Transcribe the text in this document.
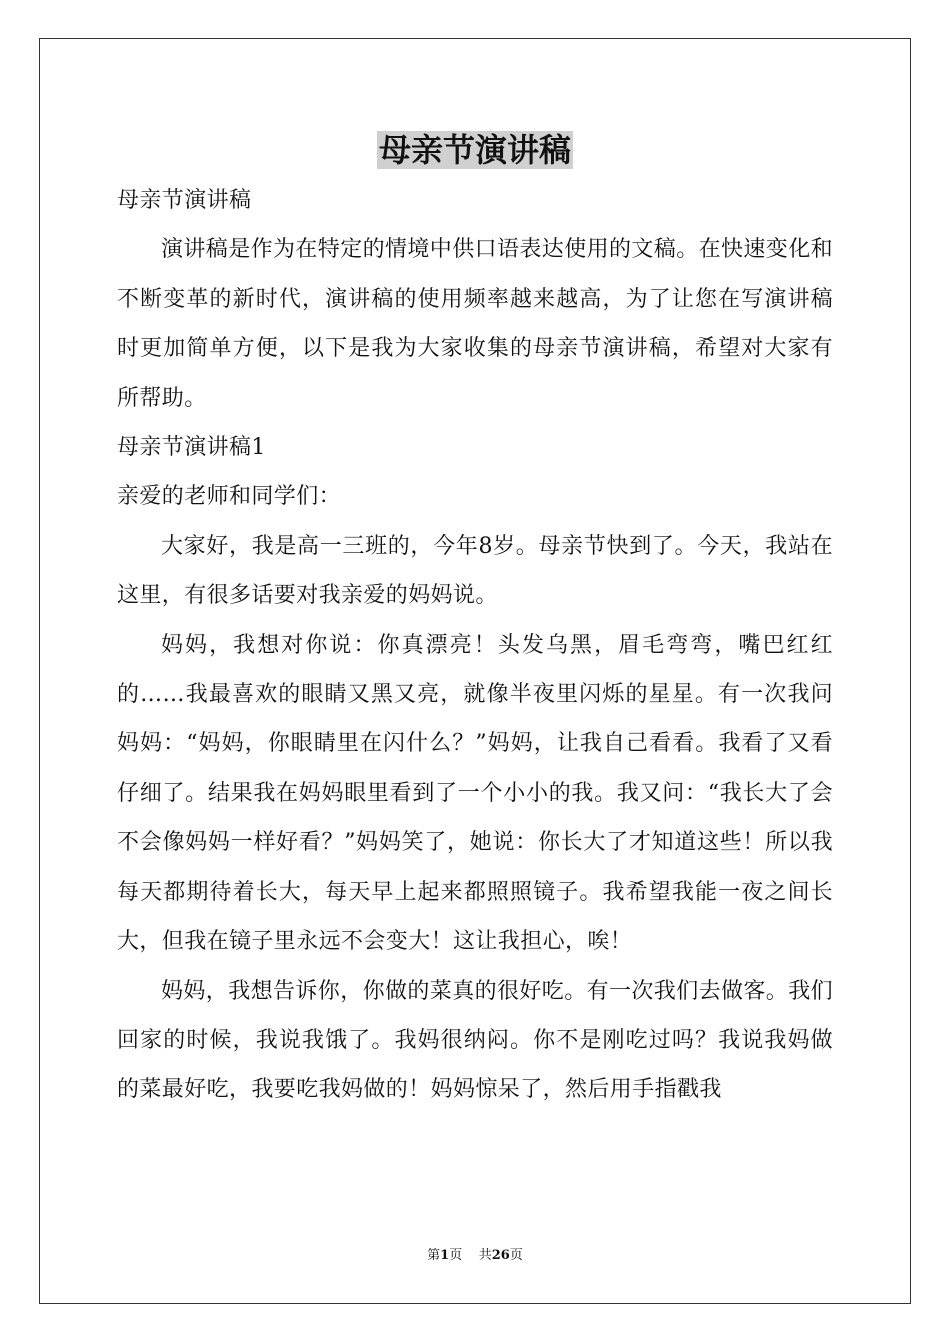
母亲节演讲稿

母亲节演讲稿

演讲稿是作为在特定的情境中供口语表达使用的文稿。在快速变化和不断变革的新时代，演讲稿的使用频率越来越高，为了让您在写演讲稿时更加简单方便，以下是我为大家收集的母亲节演讲稿，希望对大家有所帮助。

母亲节演讲稿1

亲爱的老师和同学们：

大家好，我是高一三班的，今年8岁。母亲节快到了。今天，我站在这里，有很多话要对我亲爱的妈妈说。

妈妈，我想对你说：你真漂亮！头发乌黑，眉毛弯弯，嘴巴红红的……我最喜欢的眼睛又黑又亮，就像半夜里闪烁的星星。有一次我问妈妈：“妈妈，你眼睛里在闪什么？”妈妈，让我自己看看。我看了又看仔细了。结果我在妈妈眼里看到了一个小小的我。我又问：“我长大了会不会像妈妈一样好看？”妈妈笑了，她说：你长大了才知道这些！所以我每天都期待着长大，每天早上起来都照照镜子。我希望我能一夜之间长大，但我在镜子里永远不会变大！这让我担心，唉！

妈妈，我想告诉你，你做的菜真的很好吃。有一次我们去做客。我们回家的时候，我说我饿了。我妈很纳闷。你不是刚吃过吗？我说我妈做的菜最好吃，我要吃我妈做的！妈妈惊呆了，然后用手指戳我

第1页 共26页
